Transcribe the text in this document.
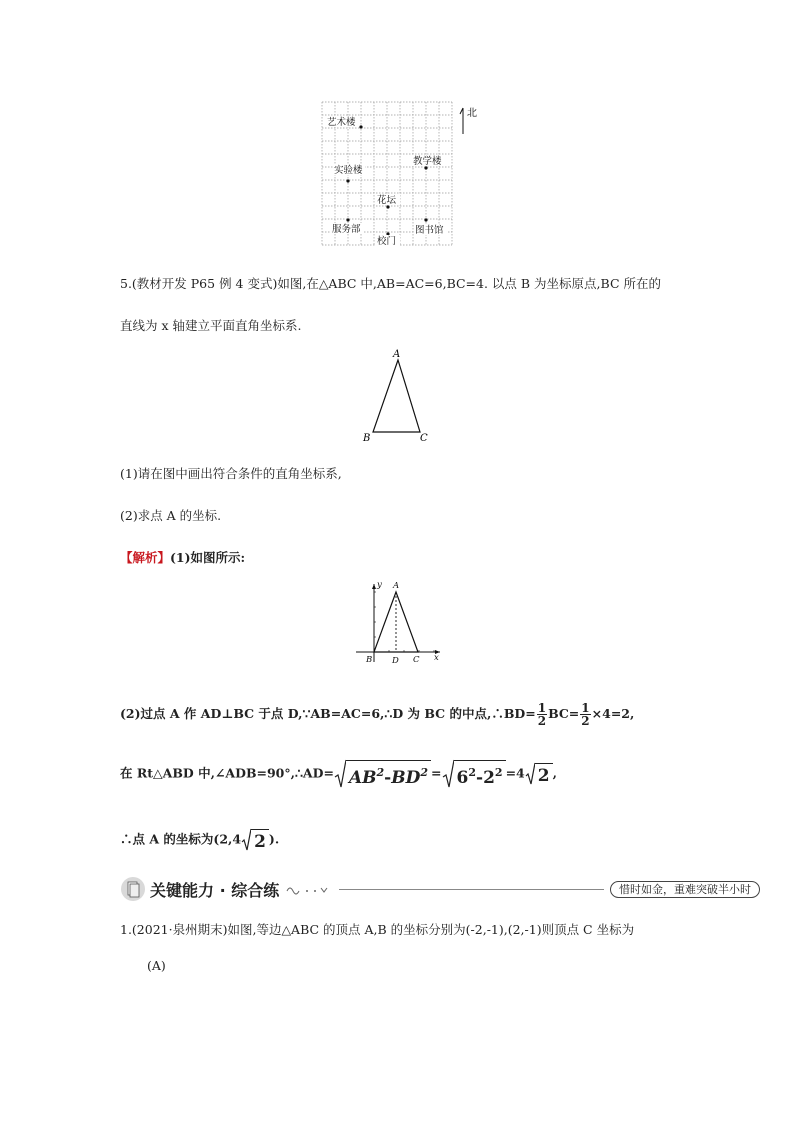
艺术楼
实验楼
教学楼
花坛
服务部	图书馆
校门
北
5.(教材开发 P65 例 4 变式)如图,在△ABC 中,AB=AC=6,BC=4. 以点 B 为坐标原点,BC 所在的
直线为 x 轴建立平面直角坐标系.
A
B	C
(1)请在图中画出符合条件的直角坐标系,
(2)求点 A 的坐标.
【解析】(1)如图所示:
y A
B D C x
(2)过点 A 作 AD⊥BC 于点 D,∵AB=AC=6,∴D 为 BC 的中点,∴BD= $\frac{1}{2} BC= \frac{1}{2} \times 4=2$,
在 Rt△ABD 中,∠ADB=90°,∴AD= $AB^2-BD^2 = 6^2-2^2 =4$ 2 ,
∴点 A 的坐标为(2,4 2 ).
关键能力 · 综合练	惜时如金，重难突破半小时
1.(2021·泉州期末)如图,等边△ABC 的顶点 A,B 的坐标分别为(-2,-1),(2,-1)则顶点 C 坐标为
(A)
